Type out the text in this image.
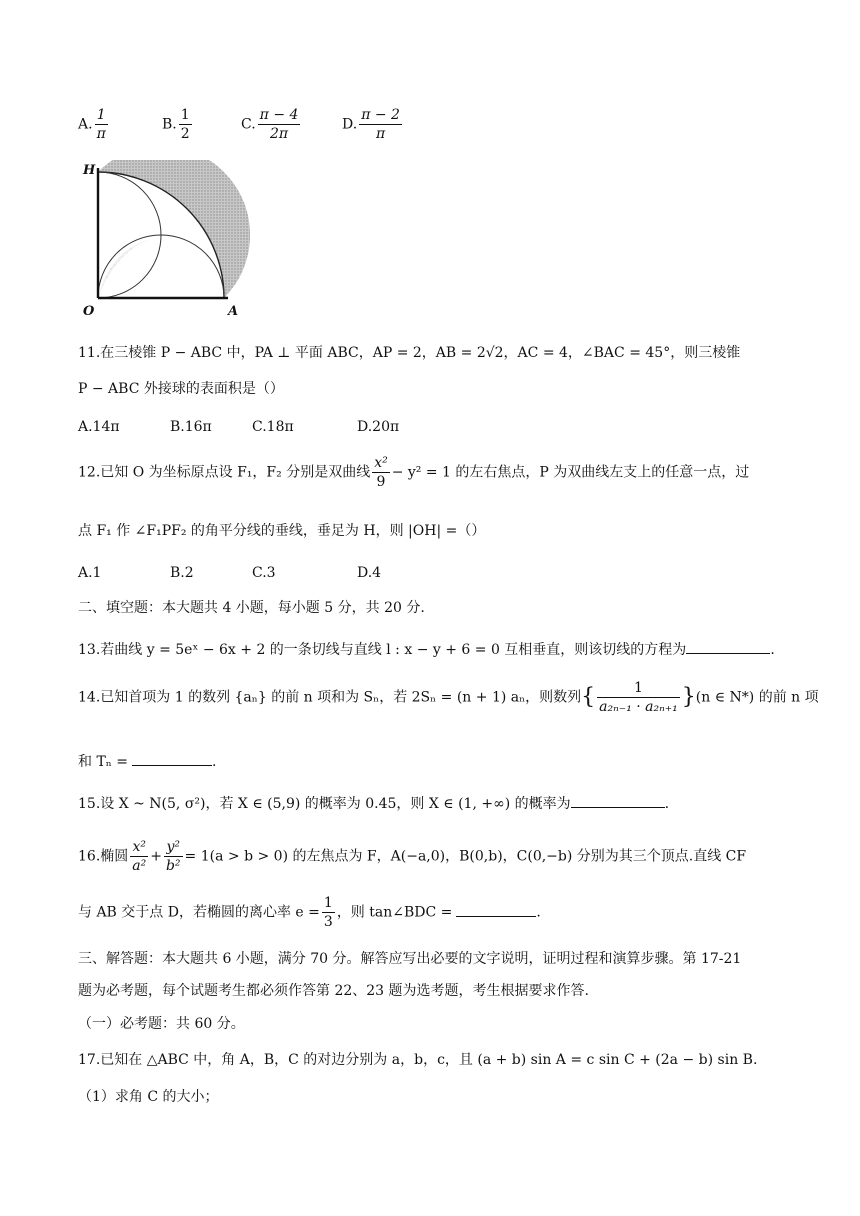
A. $\frac{1}{\pi}$	B. $\frac{1}{2}$	C. $\frac{\pi - 4}{2\pi}$	D. $\frac{\pi - 2}{\pi}$
H
O	A
11.在三棱锥 P − ABC 中，PA ⊥ 平面 ABC，AP = 2，AB = 2√2，AC = 4，∠BAC = 45°，则三棱锥
P − ABC 外接球的表面积是（）
A.14π	B.16π	C.18π	D.20π
12.已知 O 为坐标原点设 F₁，F₂ 分别是双曲线 $\frac{\text{x²}}{9} - y^2 = 1$ 的左右焦点，P 为双曲线左支上的任意一点，过
点 F₁ 作 ∠F₁PF₂ 的角平分线的垂线，垂足为 H，则 |OH| =（）
A.1	B.2	C.3	D.4
二、填空题：本大题共 4 小题，每小题 5 分，共 20 分.
13.若曲线 y = 5eˣ − 6x + 2 的一条切线与直线 l : x − y + 6 = 0 互相垂直，则该切线的方程为	.
14.已知首项为 1 的数列 {aₙ} 的前 n 项和为 Sₙ，若 2Sₙ = (n + 1) aₙ，则数列{ $\frac{1}{\text{a₂ₙ₋₁ · a₂ₙ₊₁}} \}(n$ ∈ N*) 的前 n 项
和 Tₙ =	.
15.设 X ~ N(5, σ²)，若 X ∈ (5,9) 的概率为 0.45，则 X ∈ (1, +∞) 的概率为	.
16.椭圆 $\frac{\text{x²}}{\text{a²}} + \frac{\text{y²}}{\text{b²}} = 1(a > b > 0)$ 的左焦点为 F，A(−a,0)，B(0,b)，C(0,−b) 分别为其三个顶点.直线 CF
与 AB 交于点 D，若椭圆的离心率 $e = \frac{1}{3}$ ，则 tan∠BDC =	.
三、解答题：本大题共 6 小题，满分 70 分。解答应写出必要的文字说明，证明过程和演算步骤。第 17-21
题为必考题，每个试题考生都必须作答第 22、23 题为选考题，考生根据要求作答.
（一）必考题：共 60 分。
17.已知在 △ABC 中，角 A，B，C 的对边分别为 a，b，c，且 (a + b) sin A = c sin C + (2a − b) sin B.
（1）求角 C 的大小；
